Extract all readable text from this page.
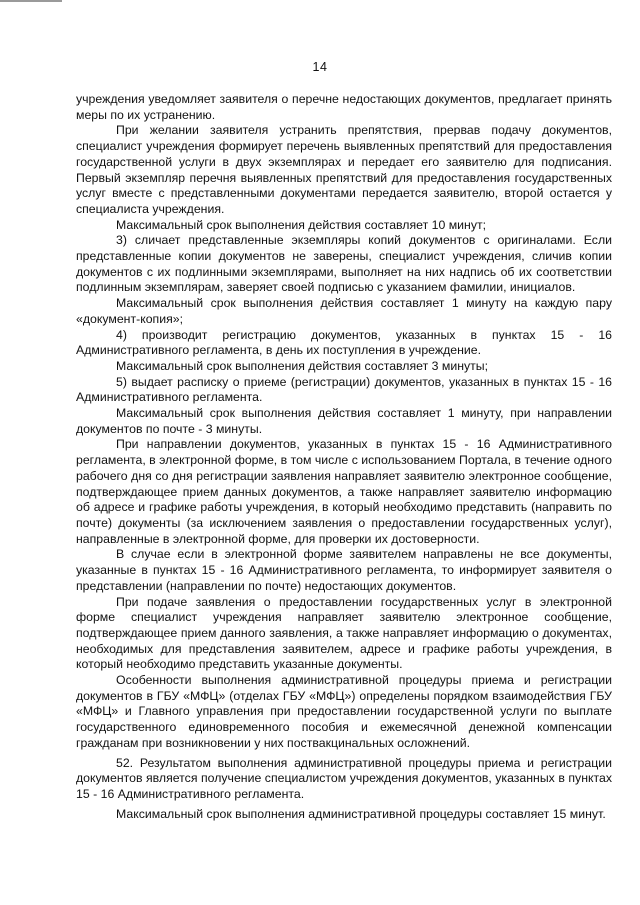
14

учреждения уведомляет заявителя о перечне недостающих документов, предлагает принять меры по их устранению.

При желании заявителя устранить препятствия, прервав подачу документов, специалист учреждения формирует перечень выявленных препятствий для предоставления государственной услуги в двух экземплярах и передает его заявителю для подписания. Первый экземпляр перечня выявленных препятствий для предоставления государственных услуг вместе с представленными документами передается заявителю, второй остается у специалиста учреждения.

Максимальный срок выполнения действия составляет 10 минут;

3) сличает представленные экземпляры копий документов с оригиналами. Если представленные копии документов не заверены, специалист учреждения, сличив копии документов с их подлинными экземплярами, выполняет на них надпись об их соответствии подлинным экземплярам, заверяет своей подписью с указанием фамилии, инициалов.

Максимальный срок выполнения действия составляет 1 минуту на каждую пару «документ-копия»;

4) производит регистрацию документов, указанных в пунктах 15 - 16 Административного регламента, в день их поступления в учреждение.

Максимальный срок выполнения действия составляет 3 минуты;

5) выдает расписку о приеме (регистрации) документов, указанных в пунктах 15 - 16 Административного регламента.

Максимальный срок выполнения действия составляет 1 минуту, при направлении документов по почте - 3 минуты.

При направлении документов, указанных в пунктах 15 - 16 Административного регламента, в электронной форме, в том числе с использованием Портала, в течение одного рабочего дня со дня регистрации заявления направляет заявителю электронное сообщение, подтверждающее прием данных документов, а также направляет заявителю информацию об адресе и графике работы учреждения, в который необходимо представить (направить по почте) документы (за исключением заявления о предоставлении государственных услуг), направленные в электронной форме, для проверки их достоверности.

В случае если в электронной форме заявителем направлены не все документы, указанные в пунктах 15 - 16 Административного регламента, то информирует заявителя о представлении (направлении по почте) недостающих документов.

При подаче заявления о предоставлении государственных услуг в электронной форме специалист учреждения направляет заявителю электронное сообщение, подтверждающее прием данного заявления, а также направляет информацию о документах, необходимых для представления заявителем, адресе и графике работы учреждения, в который необходимо представить указанные документы.

Особенности выполнения административной процедуры приема и регистрации документов в ГБУ «МФЦ» (отделах ГБУ «МФЦ») определены порядком взаимодействия ГБУ «МФЦ» и Главного управления при предоставлении государственной услуги по выплате государственного единовременного пособия и ежемесячной денежной компенсации гражданам при возникновении у них поствакцинальных осложнений.

52. Результатом выполнения административной процедуры приема и регистрации документов является получение специалистом учреждения документов, указанных в пунктах 15 - 16 Административного регламента.

Максимальный срок выполнения административной процедуры составляет 15 минут.
